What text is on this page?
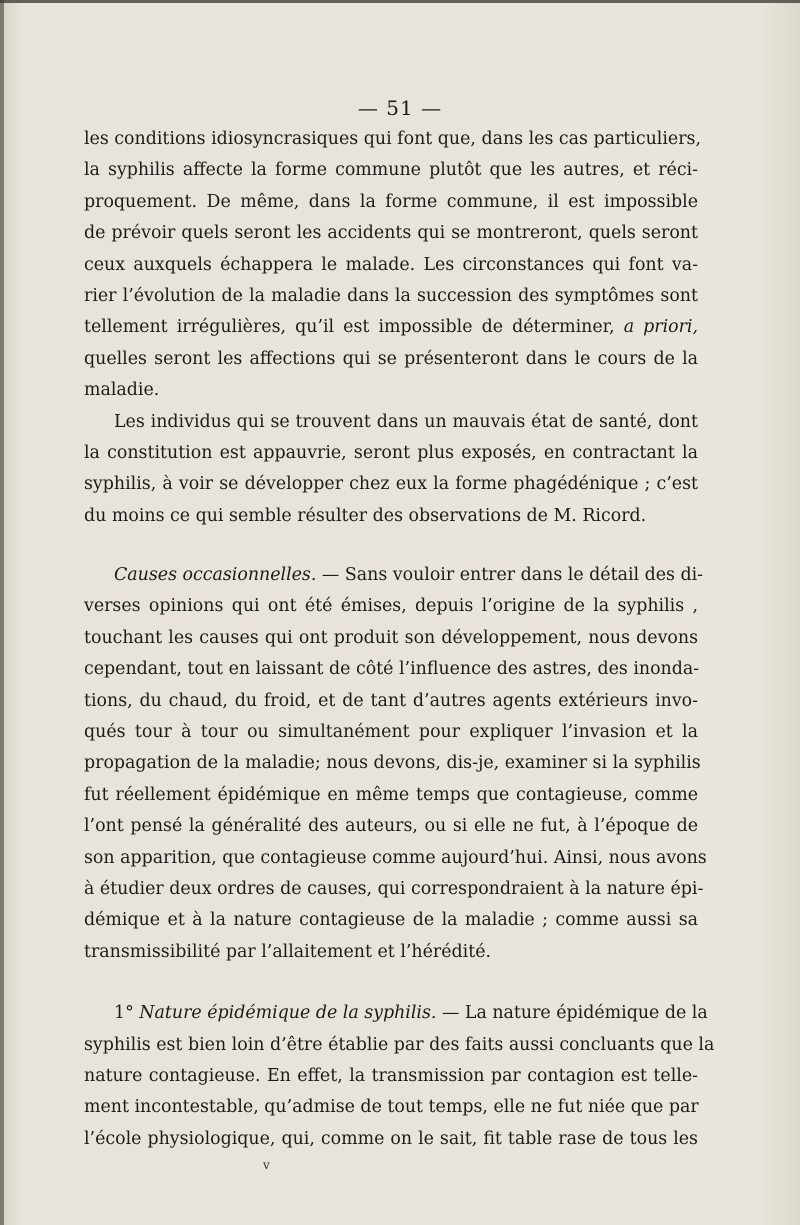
— 51 —
les conditions idiosyncrasiques qui font que, dans les cas particuliers,
la syphilis affecte la forme commune plutôt que les autres, et réci-
proquement. De même, dans la forme commune, il est impossible
de prévoir quels seront les accidents qui se montreront, quels seront
ceux auxquels échappera le malade. Les circonstances qui font va-
rier l’évolution de la maladie dans la succession des symptômes sont
tellement irrégulières, qu’il est impossible de déterminer, a priori,
quelles seront les affections qui se présenteront dans le cours de la
maladie.
Les individus qui se trouvent dans un mauvais état de santé, dont
la constitution est appauvrie, seront plus exposés, en contractant la
syphilis, à voir se développer chez eux la forme phagédénique ; c’est
du moins ce qui semble résulter des observations de M. Ricord.
Causes occasionnelles. — Sans vouloir entrer dans le détail des di-
verses opinions qui ont été émises, depuis l’origine de la syphilis ,
touchant les causes qui ont produit son développement, nous devons
cependant, tout en laissant de côté l’influence des astres, des inonda-
tions, du chaud, du froid, et de tant d’autres agents extérieurs invo-
qués tour à tour ou simultanément pour expliquer l’invasion et la
propagation de la maladie; nous devons, dis-je, examiner si la syphilis
fut réellement épidémique en même temps que contagieuse, comme
l’ont pensé la généralité des auteurs, ou si elle ne fut, à l’époque de
son apparition, que contagieuse comme aujourd’hui. Ainsi, nous avons
à étudier deux ordres de causes, qui correspondraient à la nature épi-
démique et à la nature contagieuse de la maladie ; comme aussi sa
transmissibilité par l’allaitement et l’hérédité.
1° Nature épidémique de la syphilis. — La nature épidémique de la
syphilis est bien loin d’être établie par des faits aussi concluants que la
nature contagieuse. En effet, la transmission par contagion est telle-
ment incontestable, qu’admise de tout temps, elle ne fut niée que par
l’école physiologique, qui, comme on le sait, fit table rase de tous les
v
